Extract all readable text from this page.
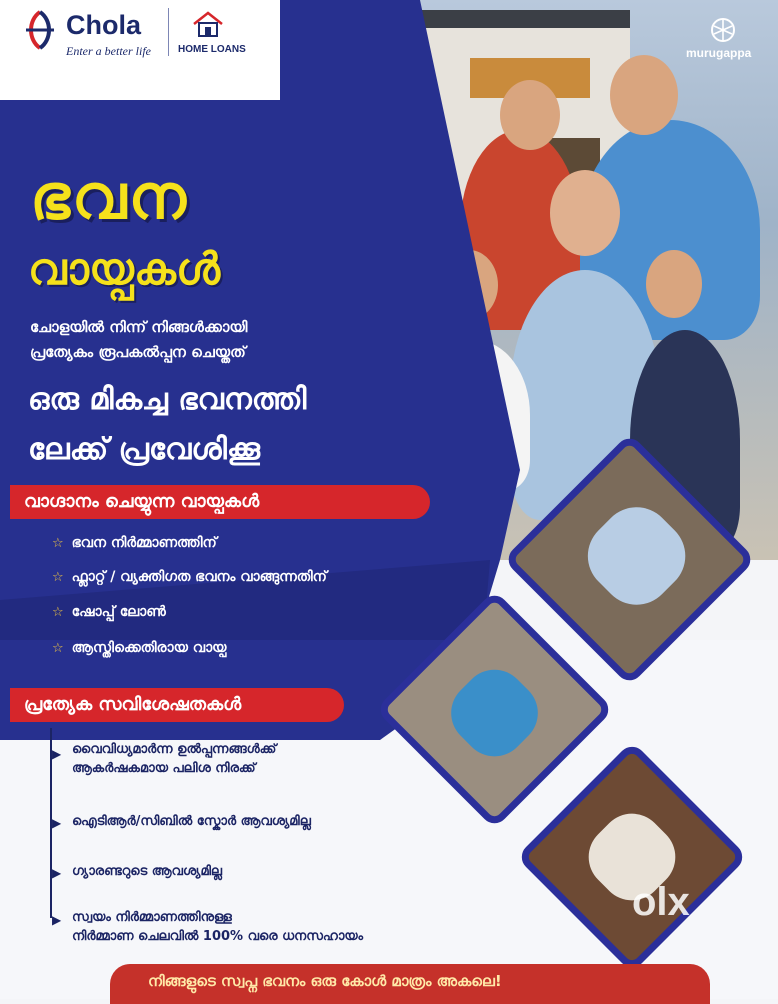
Chola
Enter a better life	HOME LOANS	murugappa
ഭവന
വായ്പകൾ
ചോളയിൽ നിന്ന് നിങ്ങൾക്കായി
പ്രത്യേകം രൂപകൽപ്പന ചെയ്തത്
ഒരു മികച്ച ഭവനത്തി
ലേക്ക് പ്രവേശിക്കൂ
വാഗ്ദാനം ചെയ്യുന്ന വായ്പകൾ
☆ ഭവന നിർമ്മാണത്തിന്
☆ ഫ്ലാറ്റ് / വ്യക്തിഗത ഭവനം വാങ്ങുന്നതിന്
☆ ഷോപ്പ് ലോൺ
☆ ആസ്തിക്കെതിരായ വായ്പ
പ്രത്യേക സവിശേഷതകൾ
▶ വൈവിധ്യമാർന്ന ഉൽപ്പന്നങ്ങൾക്ക്
ആകർഷകമായ പലിശ നിരക്ക്
▶ ഐടിആർ/സിബിൽ സ്കോർ ആവശ്യമില്ല
▶ ഗ്യാരണ്ടറുടെ ആവശ്യമില്ല
▶ സ്വയം നിർമ്മാണത്തിനുള്ള
നിർമ്മാണ ചെലവിൽ 100% വരെ ധനസഹായം
നിങ്ങളുടെ സ്വപ്ന ഭവനം ഒരു കോൾ മാത്രം അകലെ!
olx
